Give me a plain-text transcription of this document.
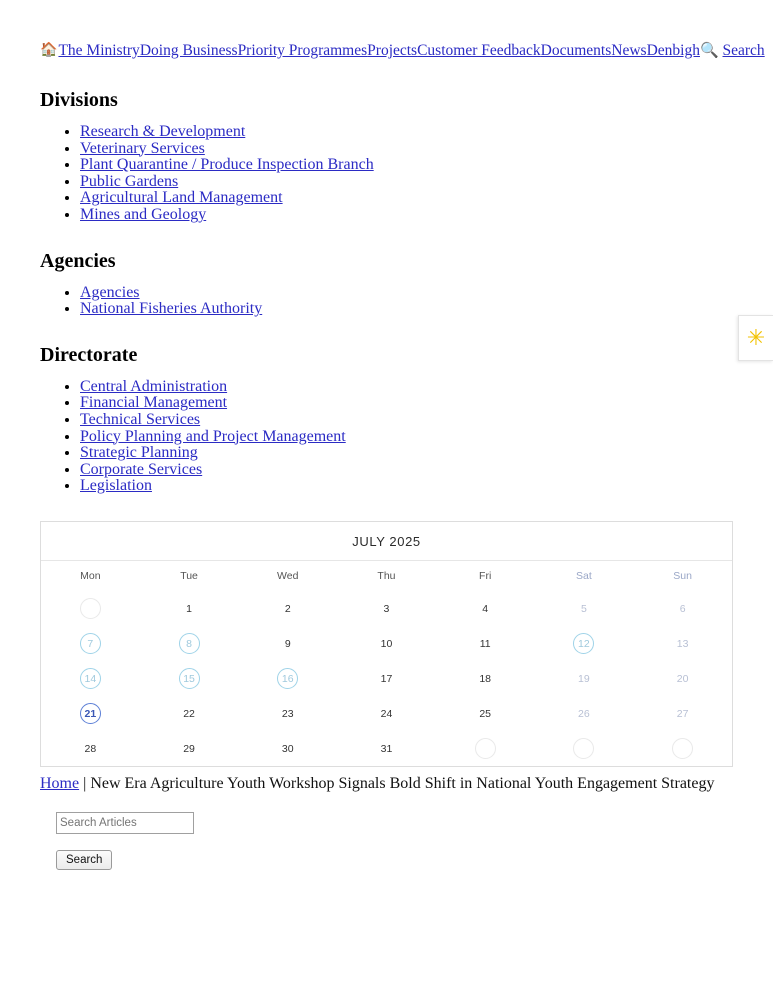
🏠The MinistryDoing BusinessPriority ProgrammesProjectsCustomer FeedbackDocumentsNewsDenbigh🔍 Search
Divisions
• Research & Development
• Veterinary Services
• Plant Quarantine / Produce Inspection Branch
• Public Gardens
• Agricultural Land Management
• Mines and Geology
Agencies
• Agencies
• National Fisheries Authority
Directorate
• Central Administration
• Financial Management
• Technical Services
• Policy Planning and Project Management
• Strategic Planning
• Corporate Services
• Legislation
✳
JULY 2025
Mon	Tue	Wed	Thu	Fri	Sat	Sun

	1	2	3	4	5	6

7	8	9	10	11	12	13

14	15	16	17	18	19	20

21	22	23	24	25	26	27

28	29	30	31			

Home | New Era Agriculture Youth Workshop Signals Bold Shift in National Youth Engagement Strategy
Search Articles
Search
